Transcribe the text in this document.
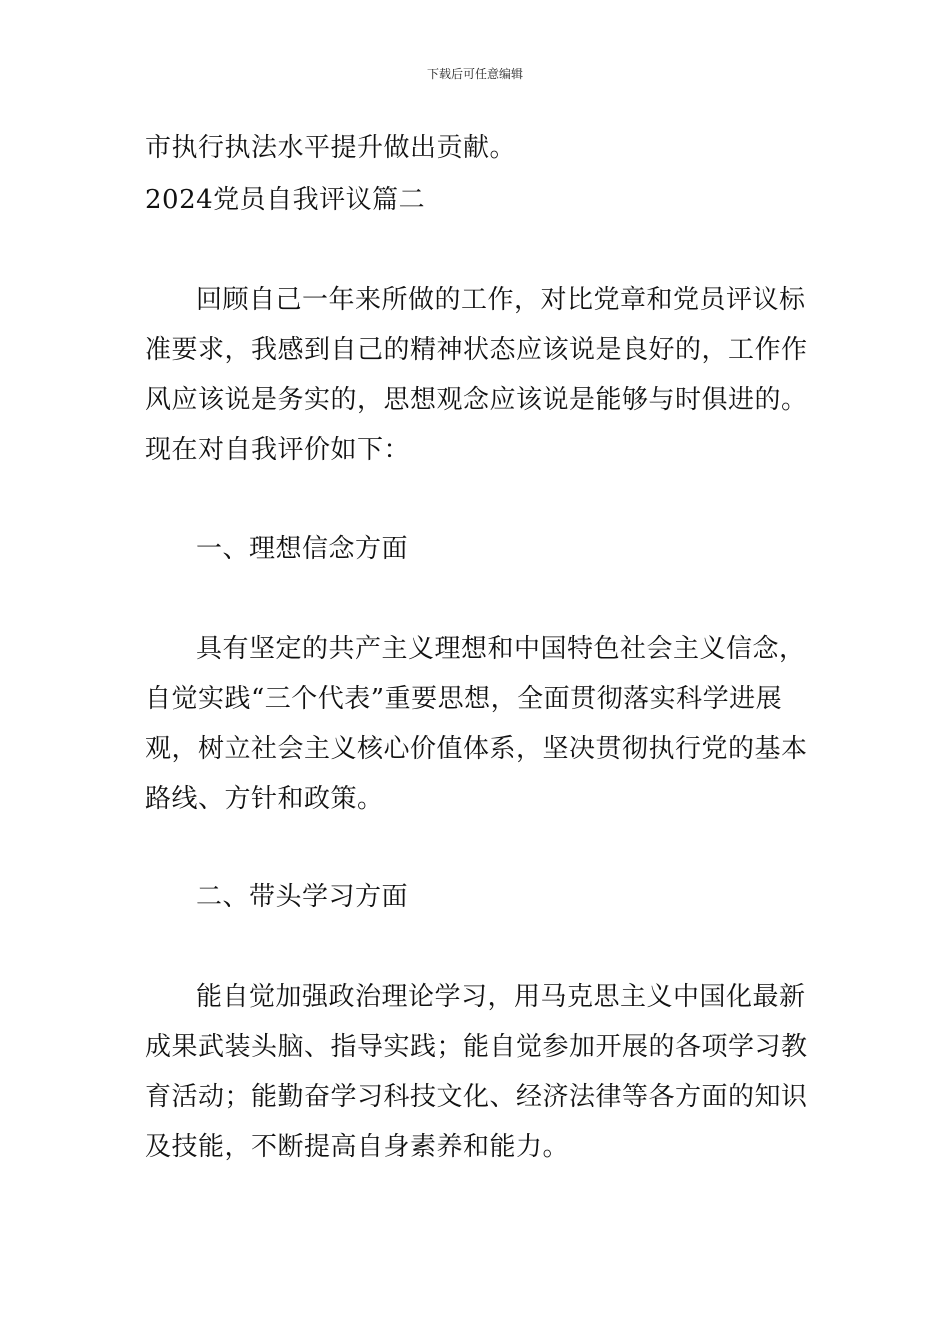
下载后可任意编辑
市执行执法水平提升做出贡献。
2024党员自我评议篇二
回顾自己一年来所做的工作，对比党章和党员评议标
准要求，我感到自己的精神状态应该说是良好的，工作作
风应该说是务实的，思想观念应该说是能够与时俱进的。
现在对自我评价如下：
一、理想信念方面
具有坚定的共产主义理想和中国特色社会主义信念，
自觉实践“三个代表”重要思想，全面贯彻落实科学进展
观，树立社会主义核心价值体系，坚决贯彻执行党的基本
路线、方针和政策。
二、带头学习方面
能自觉加强政治理论学习，用马克思主义中国化最新
成果武装头脑、指导实践；能自觉参加开展的各项学习教
育活动；能勤奋学习科技文化、经济法律等各方面的知识
及技能，不断提高自身素养和能力。
